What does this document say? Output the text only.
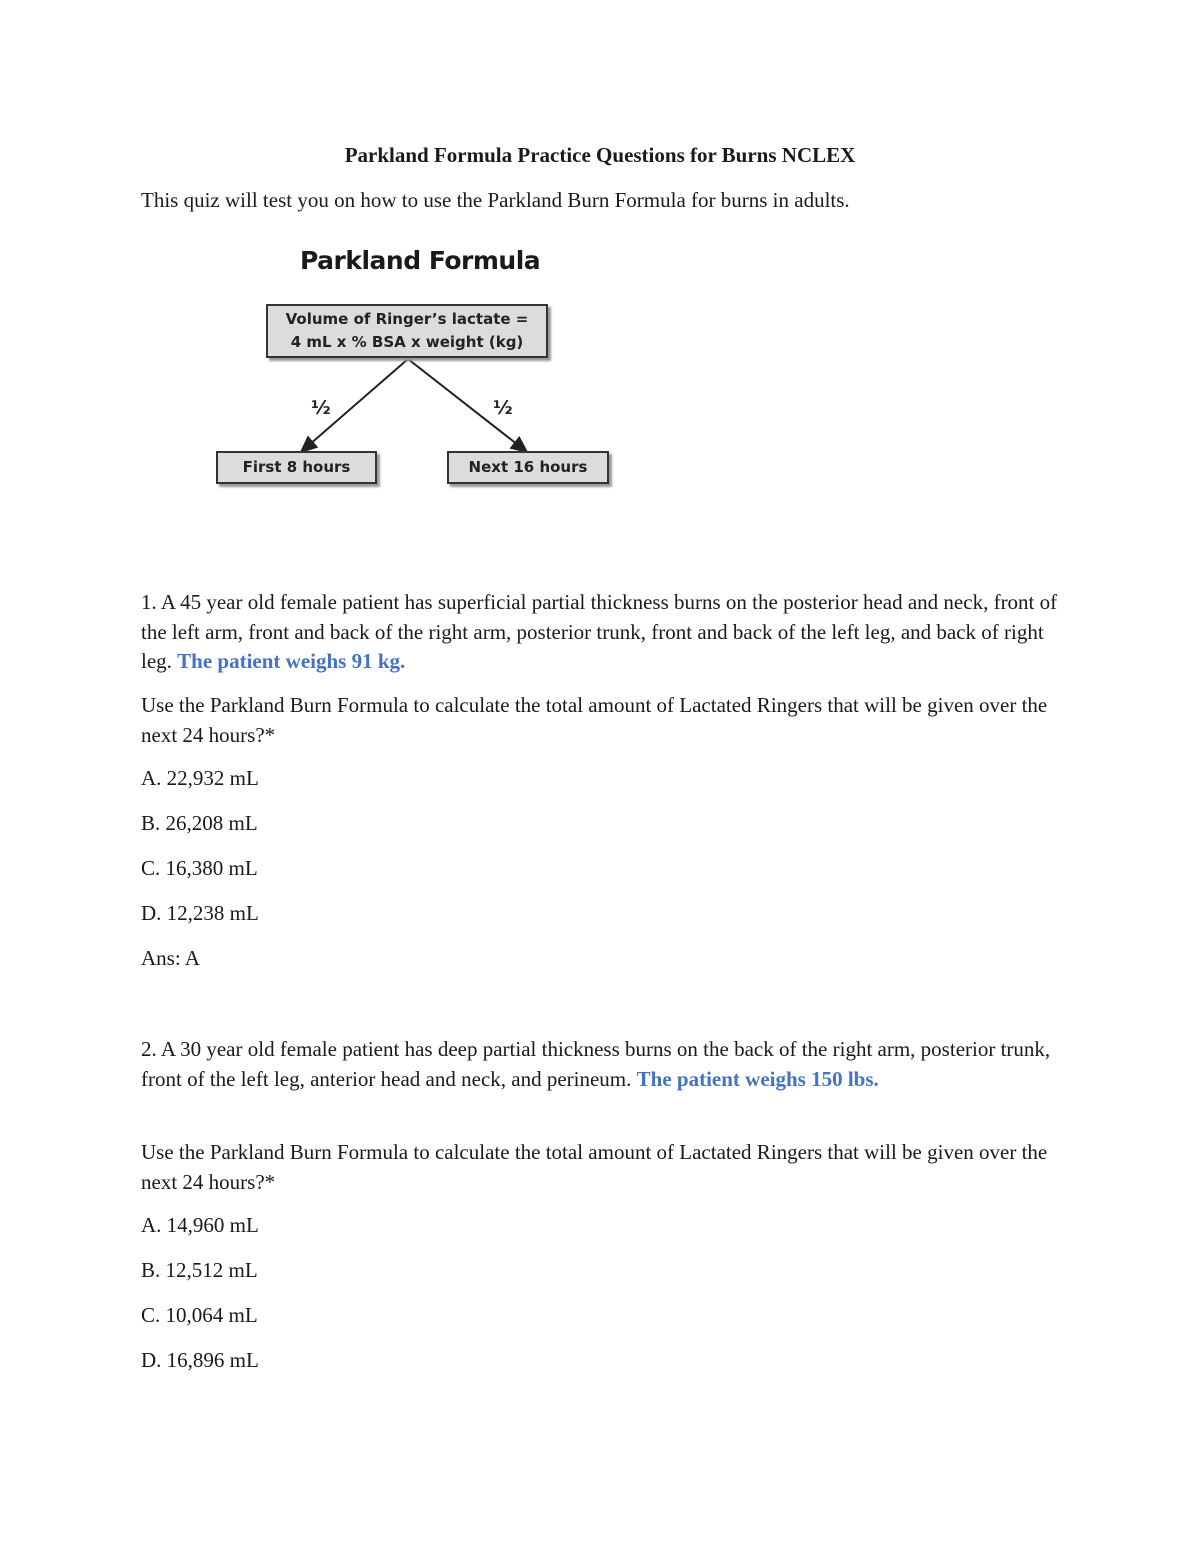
Parkland Formula Practice Questions for Burns NCLEX
This quiz will test you on how to use the Parkland Burn Formula for burns in adults.
Parkland Formula
Volume of Ringer’s lactate =
4 mL x % BSA x weight (kg)
½	½
First 8 hours	Next 16 hours
1. A 45 year old female patient has superficial partial thickness burns on the posterior head and neck, front of the left arm, front and back of the right arm, posterior trunk, front and back of the left leg, and back of right leg. The patient weighs 91 kg.
Use the Parkland Burn Formula to calculate the total amount of Lactated Ringers that will be given over the next 24 hours?*
A. 22,932 mL
B. 26,208 mL
C. 16,380 mL
D. 12,238 mL
Ans: A
2. A 30 year old female patient has deep partial thickness burns on the back of the right arm, posterior trunk, front of the left leg, anterior head and neck, and perineum. The patient weighs 150 lbs.
Use the Parkland Burn Formula to calculate the total amount of Lactated Ringers that will be given over the next 24 hours?*
A. 14,960 mL
B. 12,512 mL
C. 10,064 mL
D. 16,896 mL
